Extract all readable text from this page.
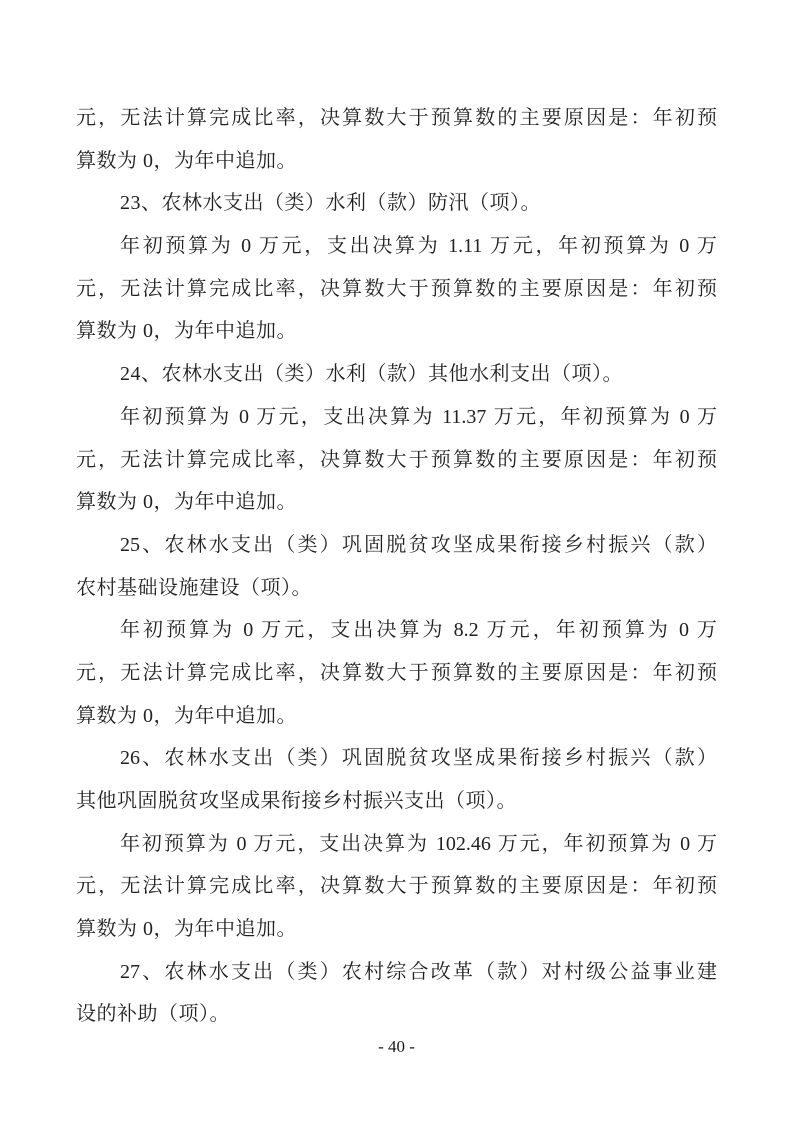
元，无法计算完成比率，决算数大于预算数的主要原因是：年初预
算数为 0，为年中追加。
23、农林水支出（类）水利（款）防汛（项）。
年初预算为 0 万元，支出决算为 1.11 万元，年初预算为 0 万
元，无法计算完成比率，决算数大于预算数的主要原因是：年初预
算数为 0，为年中追加。
24、农林水支出（类）水利（款）其他水利支出（项）。
年初预算为 0 万元，支出决算为 11.37 万元，年初预算为 0 万
元，无法计算完成比率，决算数大于预算数的主要原因是：年初预
算数为 0，为年中追加。
25、农林水支出（类）巩固脱贫攻坚成果衔接乡村振兴（款）
农村基础设施建设（项）。
年初预算为 0 万元，支出决算为 8.2 万元，年初预算为 0 万
元，无法计算完成比率，决算数大于预算数的主要原因是：年初预
算数为 0，为年中追加。
26、农林水支出（类）巩固脱贫攻坚成果衔接乡村振兴（款）
其他巩固脱贫攻坚成果衔接乡村振兴支出（项）。
年初预算为 0 万元，支出决算为 102.46 万元，年初预算为 0 万
元，无法计算完成比率，决算数大于预算数的主要原因是：年初预
算数为 0，为年中追加。
27、农林水支出（类）农村综合改革（款）对村级公益事业建
设的补助（项）。
- 40 -
